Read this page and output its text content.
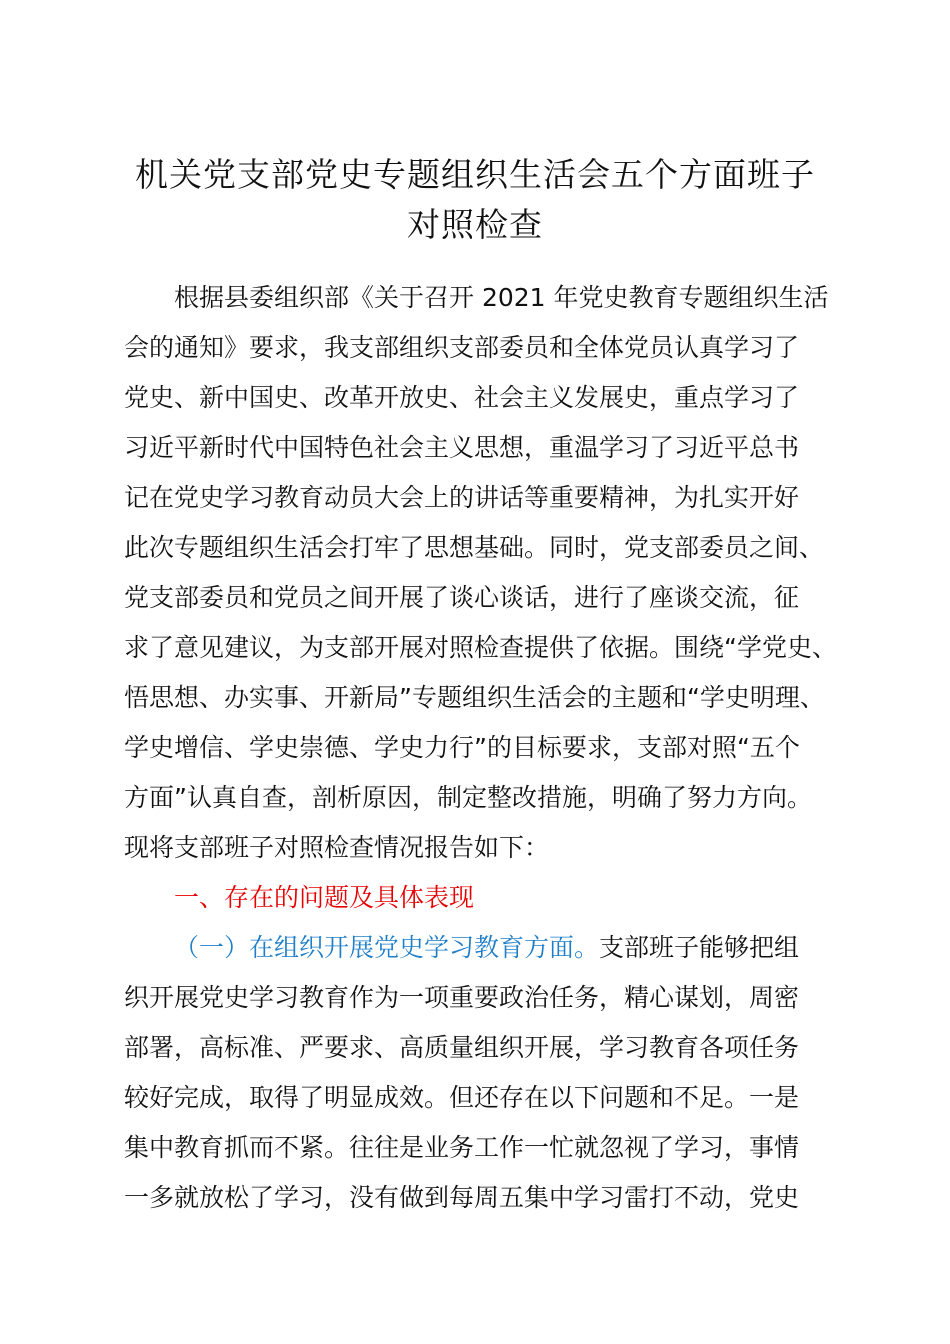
机关党支部党史专题组织生活会五个方面班子
对照检查
根据县委组织部《关于召开 2021 年党史教育专题组织生活
会的通知》要求，我支部组织支部委员和全体党员认真学习了
党史、新中国史、改革开放史、社会主义发展史，重点学习了
习近平新时代中国特色社会主义思想，重温学习了习近平总书
记在党史学习教育动员大会上的讲话等重要精神，为扎实开好
此次专题组织生活会打牢了思想基础。同时，党支部委员之间、
党支部委员和党员之间开展了谈心谈话，进行了座谈交流，征
求了意见建议，为支部开展对照检查提供了依据。围绕“学党史、
悟思想、办实事、开新局”专题组织生活会的主题和“学史明理、
学史增信、学史崇德、学史力行”的目标要求，支部对照“五个
方面”认真自查，剖析原因，制定整改措施，明确了努力方向。
现将支部班子对照检查情况报告如下：
一、存在的问题及具体表现
（一）在组织开展党史学习教育方面。支部班子能够把组
织开展党史学习教育作为一项重要政治任务，精心谋划，周密
部署，高标准、严要求、高质量组织开展，学习教育各项任务
较好完成，取得了明显成效。但还存在以下问题和不足。一是
集中教育抓而不紧。往往是业务工作一忙就忽视了学习，事情
一多就放松了学习，没有做到每周五集中学习雷打不动，党史
